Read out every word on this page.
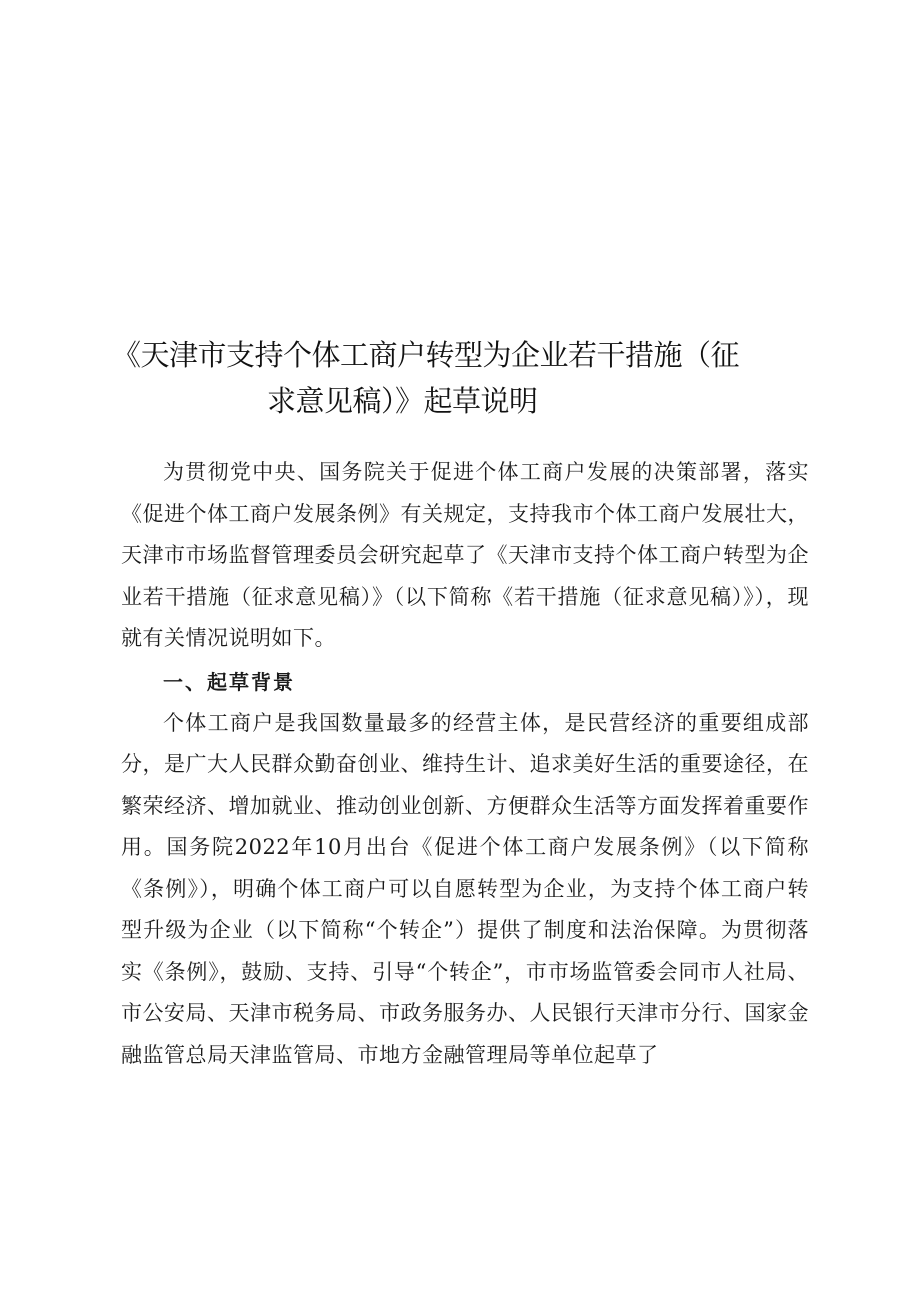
《天津市支持个体工商户转型为企业若干措施（征
求意见稿）》起草说明

为贯彻党中央、国务院关于促进个体工商户发展的决策部署，落实《促进个体工商户发展条例》有关规定，支持我市个体工商户发展壮大，天津市市场监督管理委员会研究起草了《天津市支持个体工商户转型为企业若干措施（征求意见稿）》（以下简称《若干措施（征求意见稿）》），现就有关情况说明如下。

一、起草背景

个体工商户是我国数量最多的经营主体，是民营经济的重要组成部分，是广大人民群众勤奋创业、维持生计、追求美好生活的重要途径，在繁荣经济、增加就业、推动创业创新、方便群众生活等方面发挥着重要作用。国务院2022年10月出台《促进个体工商户发展条例》（以下简称《条例》），明确个体工商户可以自愿转型为企业，为支持个体工商户转型升级为企业（以下简称“个转企”）提供了制度和法治保障。为贯彻落实《条例》，鼓励、支持、引导“个转企”，市市场监管委会同市人社局、市公安局、天津市税务局、市政务服务办、人民银行天津市分行、国家金融监管总局天津监管局、市地方金融管理局等单位起草了
